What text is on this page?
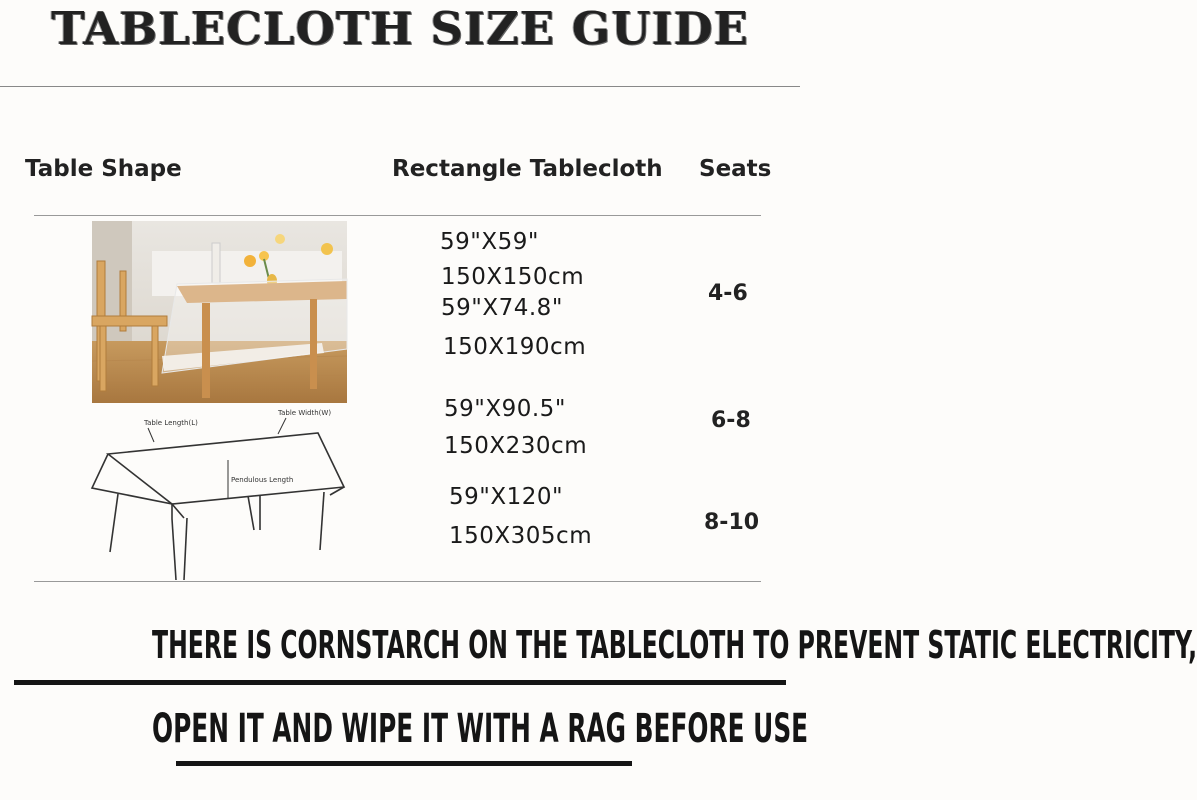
TABLECLOTH SIZE GUIDE
Table Shape	Rectangle Tablecloth Seats
Table Length(L)
Table Width(W)
Pendulous Length
59"X59"
150X150cm
59"X74.8"
150X190cm
59"X90.5"
150X230cm
59"X120"
150X305cm
4-6
6-8
8-10
THERE IS CORNSTARCH ON THE TABLECLOTH TO PREVENT STATIC ELECTRICITY,
OPEN IT AND WIPE IT WITH A RAG BEFORE USE
